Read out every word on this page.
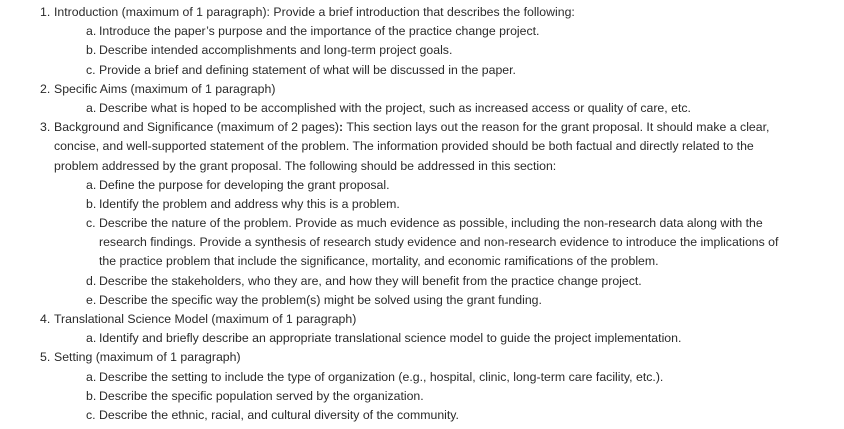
1. Introduction (maximum of 1 paragraph): Provide a brief introduction that describes the following:
a. Introduce the paper’s purpose and the importance of the practice change project.
b. Describe intended accomplishments and long-term project goals.
c. Provide a brief and defining statement of what will be discussed in the paper.
2. Specific Aims (maximum of 1 paragraph)
a. Describe what is hoped to be accomplished with the project, such as increased access or quality of care, etc.
3. Background and Significance (maximum of 2 pages): This section lays out the reason for the grant proposal. It should make a clear,
concise, and well-supported statement of the problem. The information provided should be both factual and directly related to the
problem addressed by the grant proposal. The following should be addressed in this section:
a. Define the purpose for developing the grant proposal.
b. Identify the problem and address why this is a problem.
c. Describe the nature of the problem. Provide as much evidence as possible, including the non-research data along with the
research findings. Provide a synthesis of research study evidence and non-research evidence to introduce the implications of
the practice problem that include the significance, mortality, and economic ramifications of the problem.
d. Describe the stakeholders, who they are, and how they will benefit from the practice change project.
e. Describe the specific way the problem(s) might be solved using the grant funding.
4. Translational Science Model (maximum of 1 paragraph)
a. Identify and briefly describe an appropriate translational science model to guide the project implementation.
5. Setting (maximum of 1 paragraph)
a. Describe the setting to include the type of organization (e.g., hospital, clinic, long-term care facility, etc.).
b. Describe the specific population served by the organization.
c. Describe the ethnic, racial, and cultural diversity of the community.
